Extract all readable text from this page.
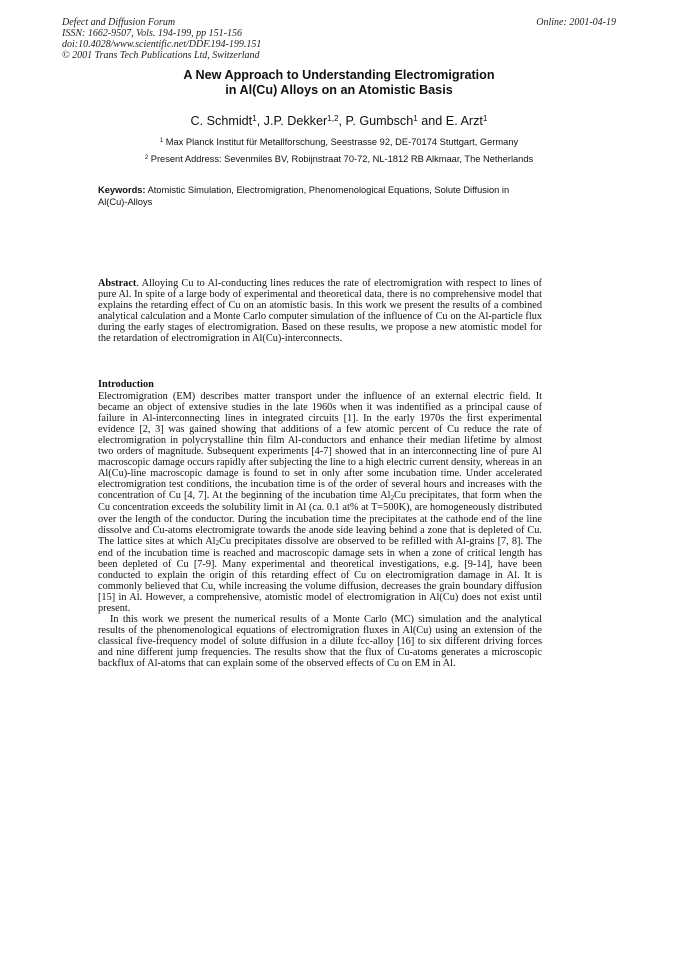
Defect and Diffusion Forum
ISSN: 1662-9507, Vols. 194-199, pp 151-156
doi:10.4028/www.scientific.net/DDF.194-199.151
© 2001 Trans Tech Publications Ltd, Switzerland
Online: 2001-04-19
A New Approach to Understanding Electromigration
in Al(Cu) Alloys on an Atomistic Basis
C. Schmidt$^1$, J.P. Dekker$^{1,2}$, P. Gumbsch$^1$ and E. Arzt$^1$
$^1$ Max Planck Institut für Metallforschung, Seestrasse 92, DE-70174 Stuttgart, Germany
$^2$ Present Address: Sevenmiles BV, Robijnstraat 70-72, NL-1812 RB Alkmaar, The Netherlands
Keywords: Atomistic Simulation, Electromigration, Phenomenological Equations, Solute Diffusion in Al(Cu)-Alloys
Abstract. Alloying Cu to Al-conducting lines reduces the rate of electromigration with respect to lines of pure Al. In spite of a large body of experimental and theoretical data, there is no comprehensive model that explains the retarding effect of Cu on an atomistic basis. In this work we present the results of a combined analytical calculation and a Monte Carlo computer simulation of the influence of Cu on the Al-particle flux during the early stages of electromigration. Based on these results, we propose a new atomistic model for the retardation of electromigration in Al(Cu)-interconnects.
Introduction

Electromigration (EM) describes matter transport under the influence of an external electric field. It became an object of extensive studies in the late 1960s when it was indentified as a principal cause of failure in Al-interconnecting lines in integrated circuits [1]. In the early 1970s the first experimental evidence [2, 3] was gained showing that additions of a few atomic percent of Cu reduce the rate of electromigration in polycrystalline thin film Al-conductors and enhance their median lifetime by almost two orders of magnitude. Subsequent experiments [4-7] showed that in an interconnecting line of pure Al macroscopic damage occurs rapidly after subjecting the line to a high electric current density, whereas in an Al(Cu)-line macroscopic damage is found to set in only after some incubation time. Under accelerated electromigration test conditions, the incubation time is of the order of several hours and increases with the concentration of Cu [4, 7]. At the beginning of the incubation time $Al_2Cu$ precipitates, that form when the Cu concentration exceeds the solubility limit in Al (ca. 0.1 at% at T=500K), are homogeneously distributed over the length of the conductor. During the incubation time the precipitates at the cathode end of the line dissolve and Cu-atoms electromigrate towards the anode side leaving behind a zone that is depleted of Cu. The lattice sites at which $Al_2Cu$ precipitates dissolve are observed to be refilled with Al-grains [7, 8]. The end of the incubation time is reached and macroscopic damage sets in when a zone of critical length has been depleted of Cu [7-9]. Many experimental and theoretical investigations, e.g. [9-14], have been conducted to explain the origin of this retarding effect of Cu on electromigration damage in Al. It is commonly believed that Cu, while increasing the volume diffusion, decreases the grain boundary diffusion [15] in Al. However, a comprehensive, atomistic model of electromigration in Al(Cu) does not exist until present.

In this work we present the numerical results of a Monte Carlo (MC) simulation and the analytical results of the phenomenological equations of electromigration fluxes in Al(Cu) using an extension of the classical five-frequency model of solute diffusion in a dilute fcc-alloy [16] to six different driving forces and nine different jump frequencies. The results show that the flux of Cu-atoms generates a microscopic backflux of Al-atoms that can explain some of the observed effects of Cu on EM in Al.
